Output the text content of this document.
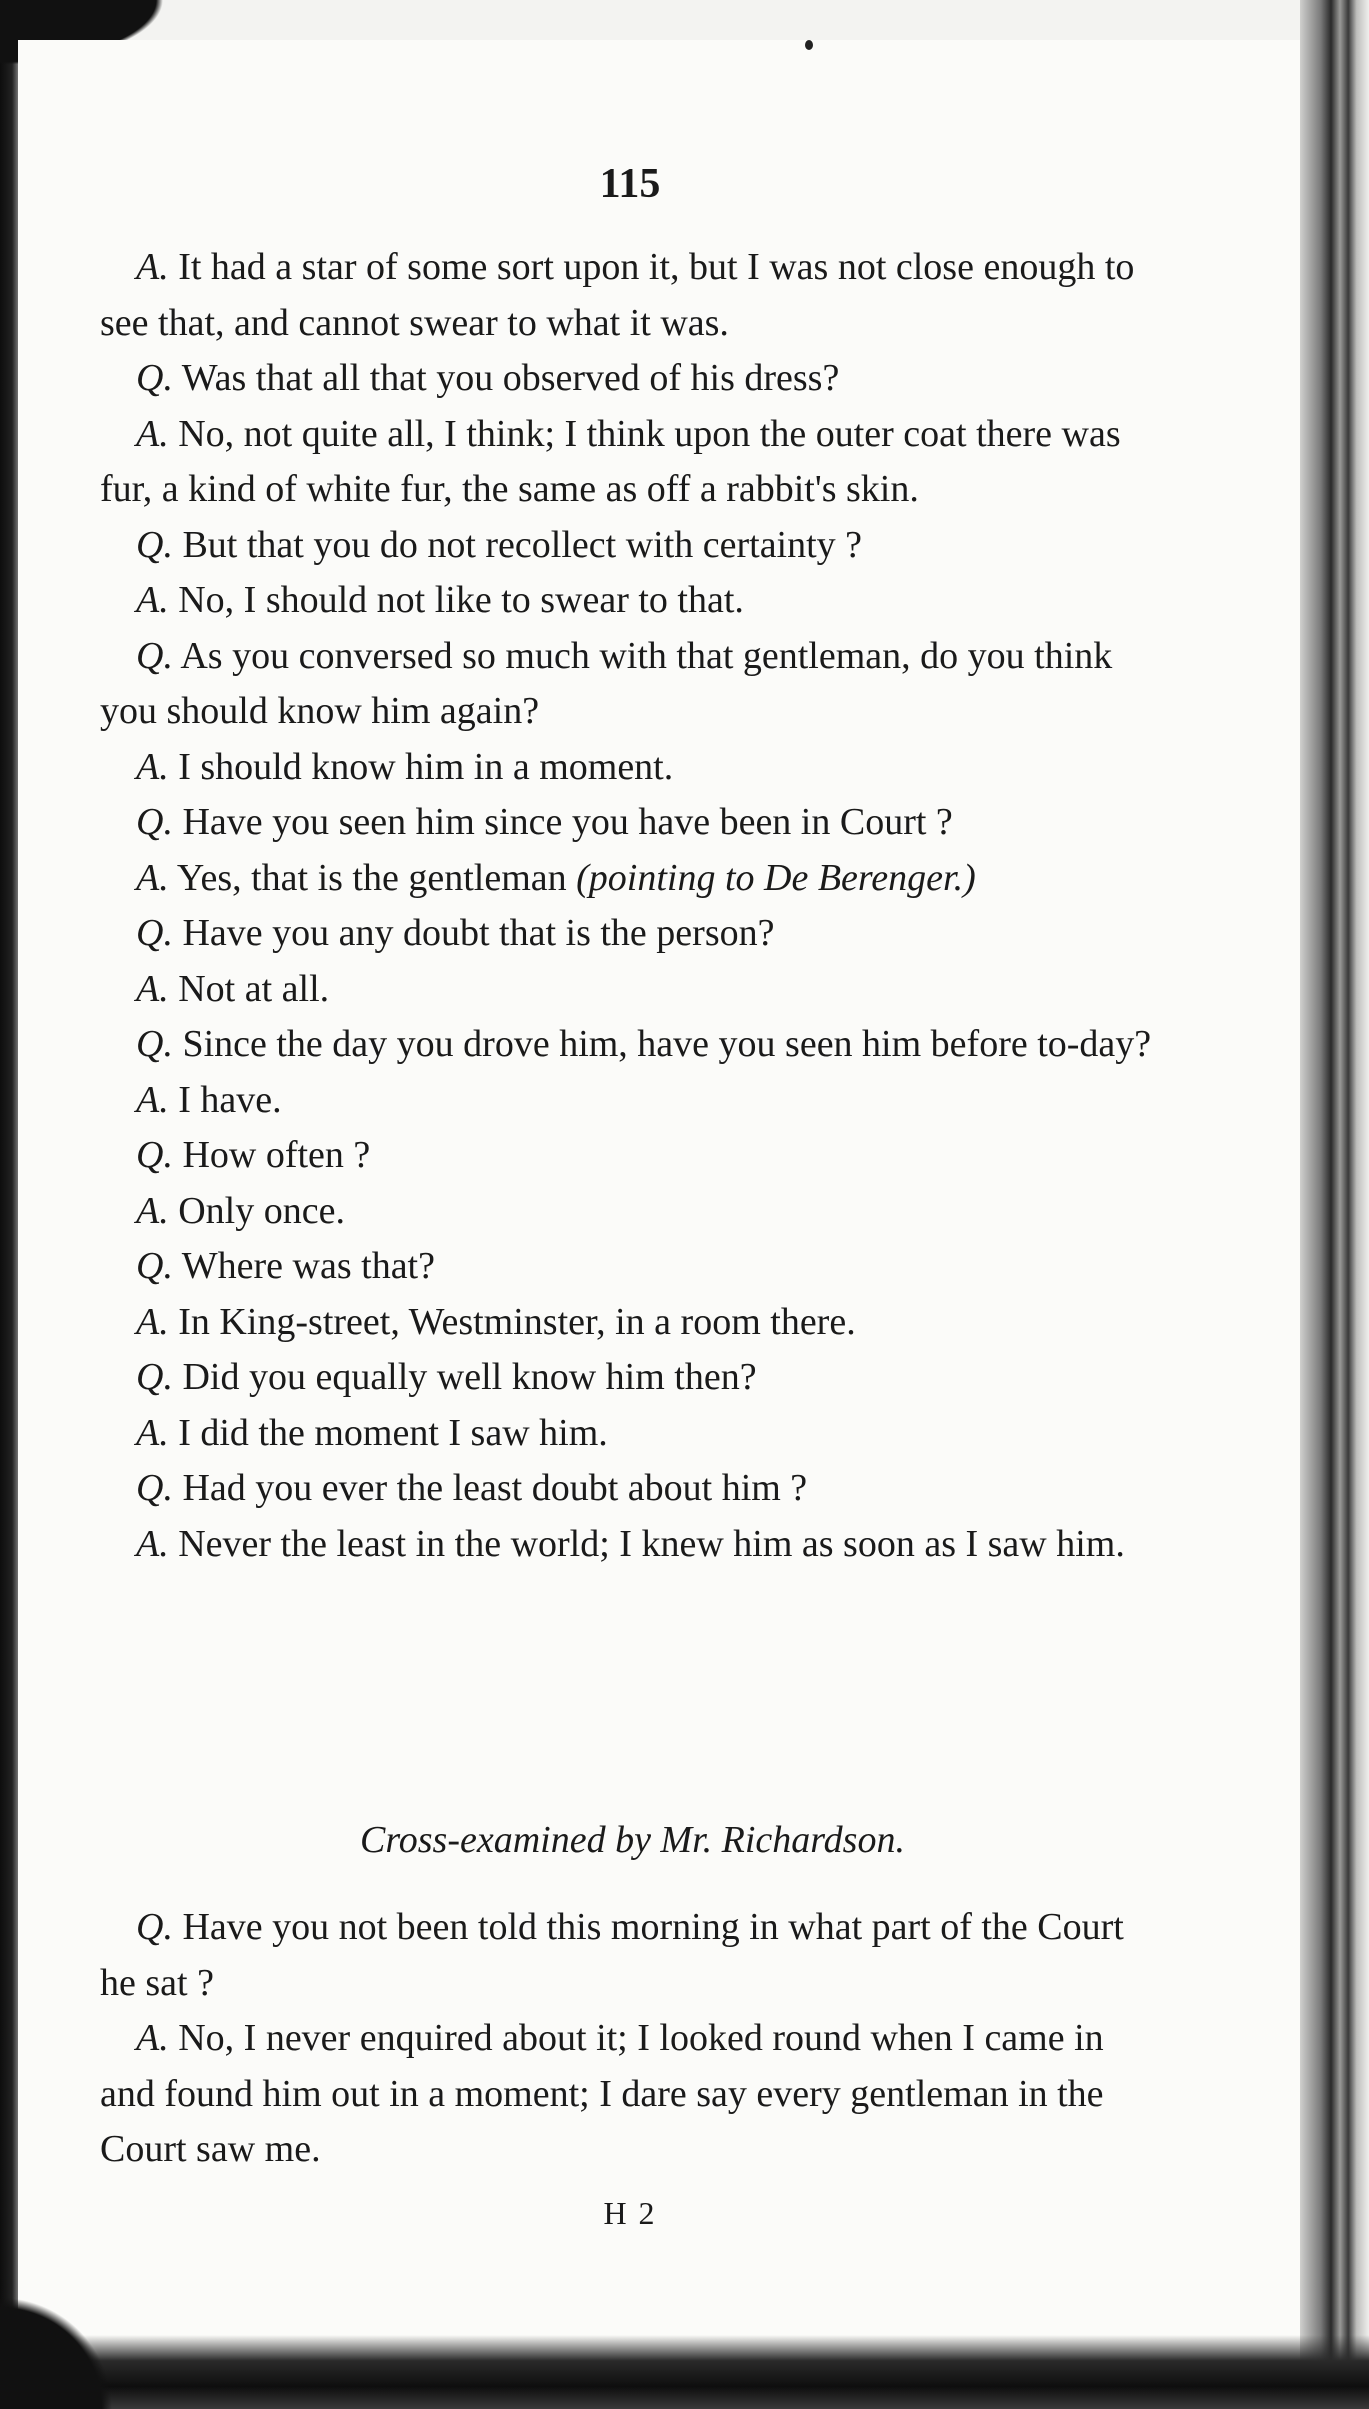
115

A. It had a star of some sort upon it, but I was not close enough to see that, and cannot swear to what it was.

Q. Was that all that you observed of his dress?

A. No, not quite all, I think; I think upon the outer coat there was fur, a kind of white fur, the same as off a rabbit's skin.

Q. But that you do not recollect with certainty ?

A. No, I should not like to swear to that.

Q. As you conversed so much with that gentleman, do you think you should know him again?

A. I should know him in a moment.

Q. Have you seen him since you have been in Court ?

A. Yes, that is the gentleman (pointing to De Berenger.)

Q. Have you any doubt that is the person?

A. Not at all.

Q. Since the day you drove him, have you seen him before to-day?

A. I have.

Q. How often ?

A. Only once.

Q. Where was that?

A. In King-street, Westminster, in a room there.

Q. Did you equally well know him then?

A. I did the moment I saw him.

Q. Had you ever the least doubt about him ?

A. Never the least in the world; I knew him as soon as I saw him.

Cross-examined by Mr. Richardson.

Q. Have you not been told this morning in what part of the Court he sat ?

A. No, I never enquired about it; I looked round when I came in and found him out in a moment; I dare say every gentleman in the Court saw me.

H 2
